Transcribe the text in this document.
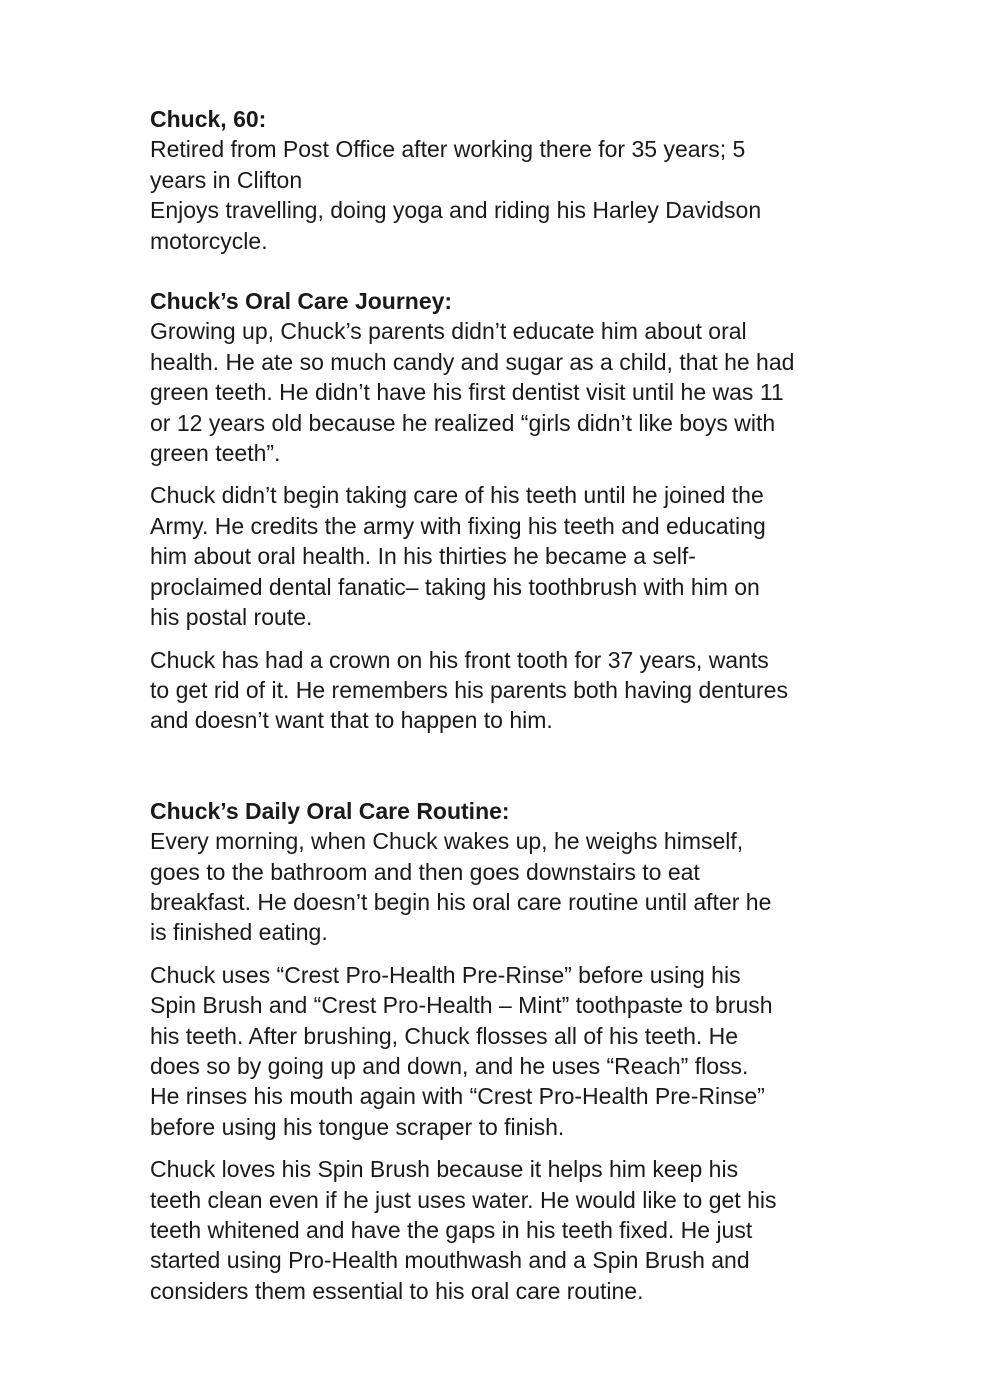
Chuck, 60:

Retired from Post Office after working there for 35 years; 5

years in Clifton

Enjoys travelling, doing yoga and riding his Harley Davidson

motorcycle.

Chuck’s Oral Care Journey:

Growing up, Chuck’s parents didn’t educate him about oral

health. He ate so much candy and sugar as a child, that he had

green teeth. He didn’t have his first dentist visit until he was 11

or 12 years old because he realized “girls didn’t like boys with

green teeth”.

Chuck didn’t begin taking care of his teeth until he joined the

Army. He credits the army with fixing his teeth and educating

him about oral health. In his thirties he became a self-

proclaimed dental fanatic– taking his toothbrush with him on

his postal route.

Chuck has had a crown on his front tooth for 37 years, wants

to get rid of it. He remembers his parents both having dentures

and doesn’t want that to happen to him.

Chuck’s Daily Oral Care Routine:

Every morning, when Chuck wakes up, he weighs himself,

goes to the bathroom and then goes downstairs to eat

breakfast. He doesn’t begin his oral care routine until after he

is finished eating.

Chuck uses “Crest Pro-Health Pre-Rinse” before using his

Spin Brush and “Crest Pro-Health – Mint” toothpaste to brush

his teeth. After brushing, Chuck flosses all of his teeth. He

does so by going up and down, and he uses “Reach” floss.

He rinses his mouth again with “Crest Pro-Health Pre-Rinse”

before using his tongue scraper to finish.

Chuck loves his Spin Brush because it helps him keep his

teeth clean even if he just uses water. He would like to get his

teeth whitened and have the gaps in his teeth fixed. He just

started using Pro-Health mouthwash and a Spin Brush and

considers them essential to his oral care routine.
